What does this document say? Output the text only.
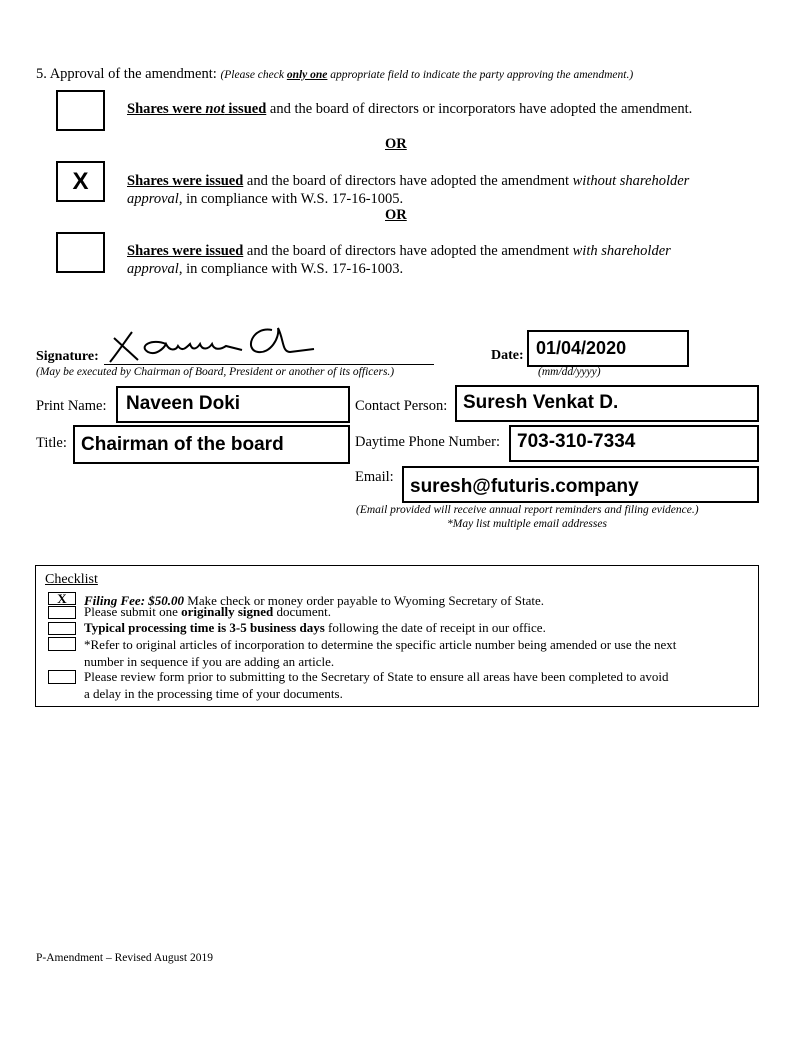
5. Approval of the amendment: (Please check only one appropriate field to indicate the party approving the amendment.)
Shares were not issued and the board of directors or incorporators have adopted the amendment.
OR
X	Shares were issued and the board of directors have adopted the amendment without shareholder
approval, in compliance with W.S. 17-16-1005.
OR
Shares were issued and the board of directors have adopted the amendment with shareholder
approval, in compliance with W.S. 17-16-1003.
Signature:
(May be executed by Chairman of Board, President or another of its officers.)
Date: 01/04/2020
(mm/dd/yyyy)
Print Name:	Naveen Doki	Contact Person: Suresh Venkat D.
Title: Chairman of the board	Daytime Phone Number: 703-310-7334
Email: suresh@futuris.company
(Email provided will receive annual report reminders and filing evidence.)
*May list multiple email addresses
Checklist
X	Filing Fee: $50.00 Make check or money order payable to Wyoming Secretary of State.
Please submit one originally signed document.
Typical processing time is 3-5 business days following the date of receipt in our office.
*Refer to original articles of incorporation to determine the specific article number being amended or use the next
number in sequence if you are adding an article.
Please review form prior to submitting to the Secretary of State to ensure all areas have been completed to avoid
a delay in the processing time of your documents.
P-Amendment – Revised August 2019
